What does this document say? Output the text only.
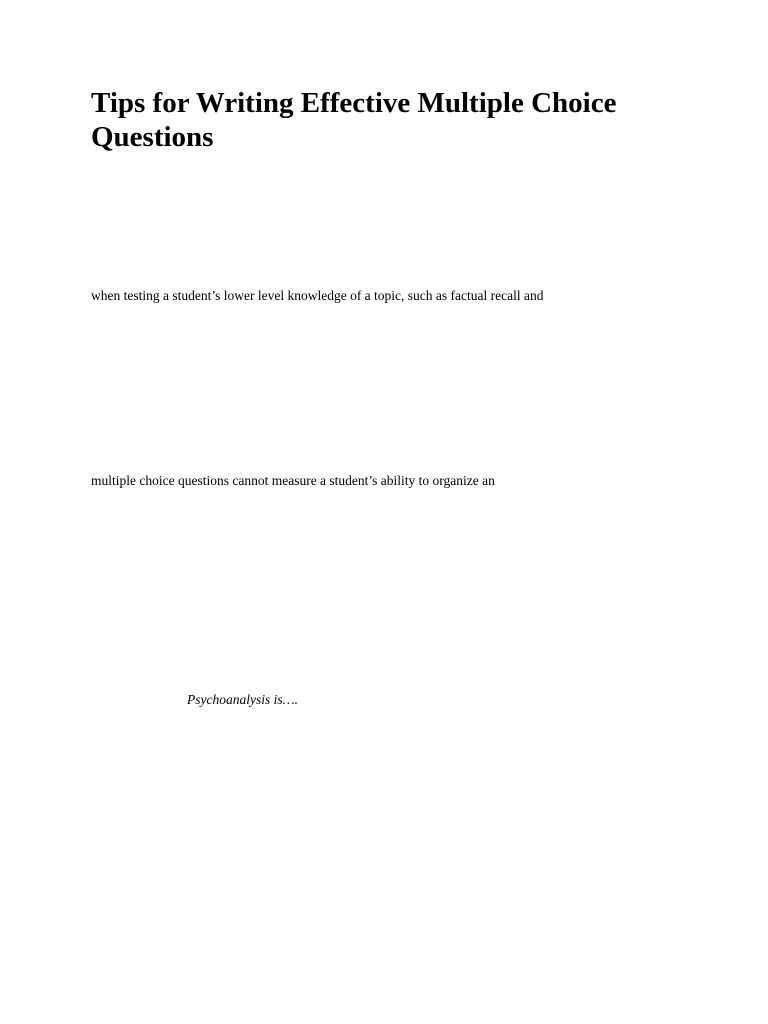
Tips for Writing Effective Multiple Choice Questions

when testing a student’s lower level knowledge of a topic, such as factual recall and

multiple choice questions cannot measure a student’s ability to organize an

Psychoanalysis is….
